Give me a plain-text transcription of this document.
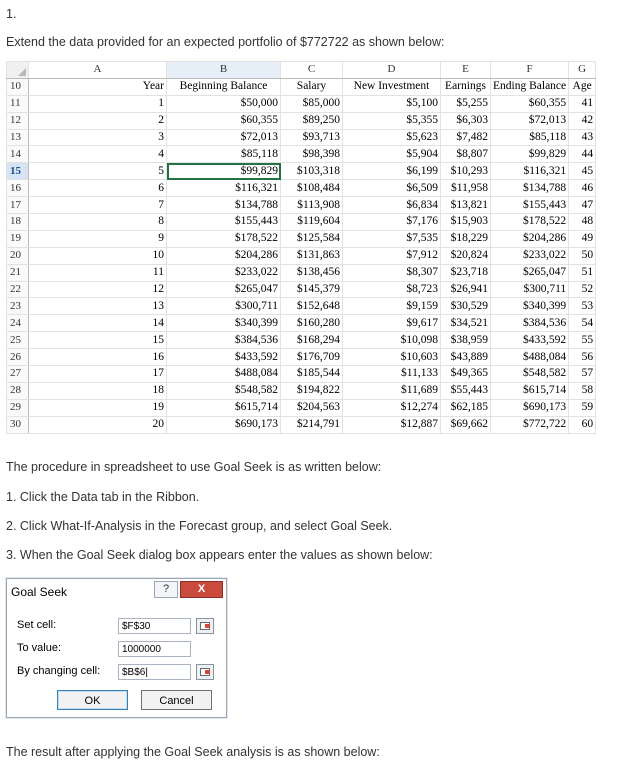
1.
Extend the data provided for an expected portfolio of $772722 as shown below:
	A	B	C	D	E	F	G
10	Year	Beginning Balance	Salary	New Investment	Earnings	Ending Balance	Age
11	1	$50,000	$85,000	$5,100	$5,255	$60,355	41
12	2	$60,355	$89,250	$5,355	$6,303	$72,013	42
13	3	$72,013	$93,713	$5,623	$7,482	$85,118	43
14	4	$85,118	$98,398	$5,904	$8,807	$99,829	44
15	5	$99,829	$103,318	$6,199	$10,293	$116,321	45
16	6	$116,321	$108,484	$6,509	$11,958	$134,788	46
17	7	$134,788	$113,908	$6,834	$13,821	$155,443	47
18	8	$155,443	$119,604	$7,176	$15,903	$178,522	48
19	9	$178,522	$125,584	$7,535	$18,229	$204,286	49
20	10	$204,286	$131,863	$7,912	$20,824	$233,022	50
21	11	$233,022	$138,456	$8,307	$23,718	$265,047	51
22	12	$265,047	$145,379	$8,723	$26,941	$300,711	52
23	13	$300,711	$152,648	$9,159	$30,529	$340,399	53
24	14	$340,399	$160,280	$9,617	$34,521	$384,536	54
25	15	$384,536	$168,294	$10,098	$38,959	$433,592	55
26	16	$433,592	$176,709	$10,603	$43,889	$488,084	56
27	17	$488,084	$185,544	$11,133	$49,365	$548,582	57
28	18	$548,582	$194,822	$11,689	$55,443	$615,714	58
29	19	$615,714	$204,563	$12,274	$62,185	$690,173	59
30	20	$690,173	$214,791	$12,887	$69,662	$772,722	60
The procedure in spreadsheet to use Goal Seek is as written below:
1. Click the Data tab in the Ribbon.
2. Click What-If-Analysis in the Forecast group, and select Goal Seek.
3. When the Goal Seek dialog box appears enter the values as shown below:
Goal Seek	?	X
Set cell:	$F$30
To value:	1000000
By changing cell:	$B$6|
OK	Cancel
The result after applying the Goal Seek analysis is as shown below:
